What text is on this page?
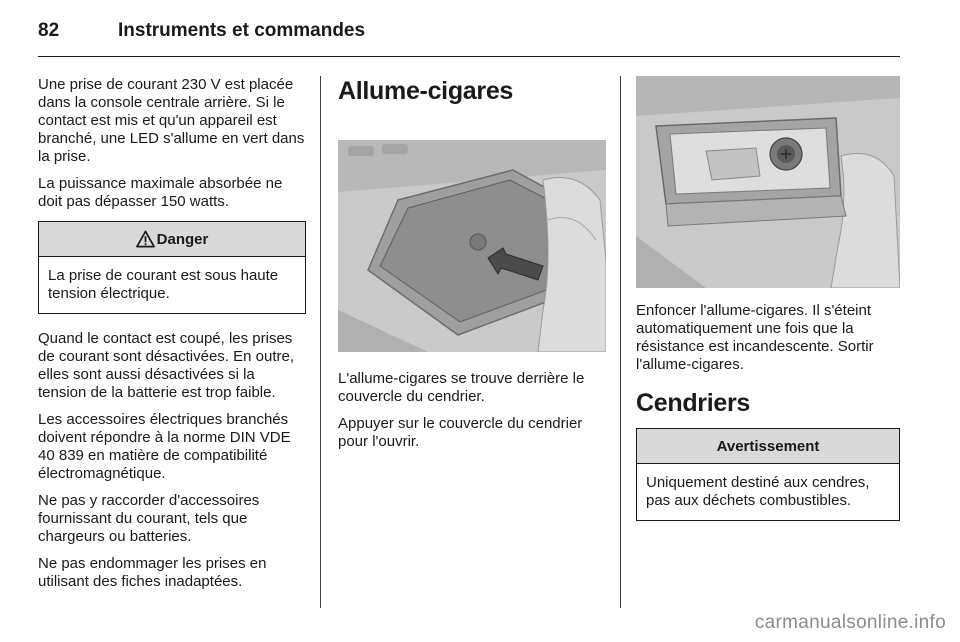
82	Instruments et commandes

Une prise de courant 230 V est placée dans la console centrale arrière. Si le contact est mis et qu'un appareil est branché, une LED s'allume en vert dans la prise.

La puissance maximale absorbée ne doit pas dépasser 150 watts.

Danger

La prise de courant est sous haute tension électrique.

Quand le contact est coupé, les prises de courant sont désactivées. En outre, elles sont aussi désactivées si la tension de la batterie est trop faible.

Les accessoires électriques branchés doivent répondre à la norme DIN VDE 40 839 en matière de compatibilité électromagnétique.

Ne pas y raccorder d'accessoires fournissant du courant, tels que chargeurs ou batteries.

Ne pas endommager les prises en utilisant des fiches inadaptées.

Allume-cigares

L'allume-cigares se trouve derrière le couvercle du cendrier.

Appuyer sur le couvercle du cendrier pour l'ouvrir.

Enfoncer l'allume-cigares. Il s'éteint automatiquement une fois que la résistance est incandescente. Sortir l'allume-cigares.

Cendriers
Avertissement

Uniquement destiné aux cendres, pas aux déchets combustibles.

carmanualsonline.info
